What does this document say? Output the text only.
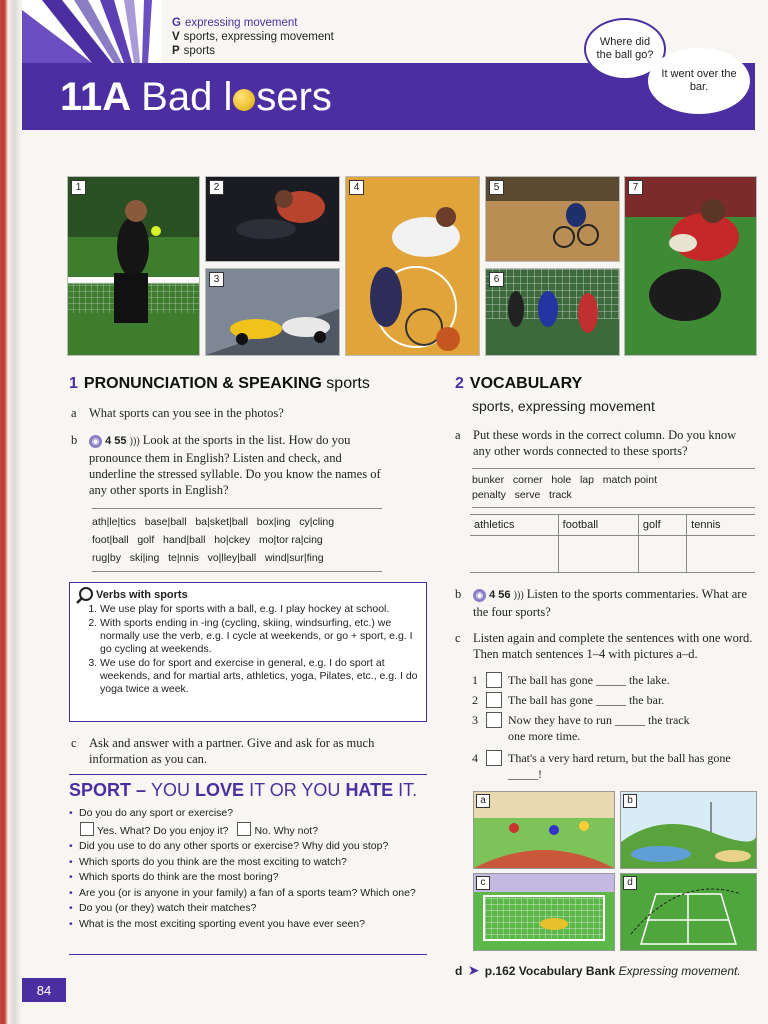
G expressing movement
V sports, expressing movement
P sports
11A Bad l sers
Where did the ball go?
It went over the bar.
1	2
3
4	5
6
7
1 PRONUNCIATION & SPEAKING sports
a What sports can you see in the photos?
b ◉ 4 55 ))) Look at the sports in the list. How do you pronounce them in English? Listen and check, and underline the stressed syllable. Do you know the names of any other sports in English?
ath|le|tics   base|ball   ba|sket|ball   box|ing   cy|cling
foot|ball   golf   hand|ball   ho|ckey   mo|tor ra|cing
rug|by   ski|ing   te|nnis   vo|lley|ball   wind|sur|fing
Verbs with sports
1. We use play for sports with a ball, e.g. I play hockey at school.
2. With sports ending in -ing (cycling, skiing, windsurfing, etc.) we normally use the verb, e.g. I cycle at weekends, or go + sport, e.g. I go cycling at weekends.
3. We use do for sport and exercise in general, e.g. I do sport at weekends, and for martial arts, athletics, yoga, Pilates, etc., e.g. I do yoga twice a week.
c Ask and answer with a partner. Give and ask for as much information as you can.
SPORT – YOU LOVE IT OR YOU HATE IT.
• Do you do any sport or exercise?
Yes. What? Do you enjoy it? No. Why not?
• Did you use to do any other sports or exercise? Why did you stop?
• Which sports do you think are the most exciting to watch?
• Which sports do think are the most boring?
• Are you (or is anyone in your family) a fan of a sports team? Which one?
• Do you (or they) watch their matches?
• What is the most exciting sporting event you have ever seen?
2 VOCABULARY
sports, expressing movement
a Put these words in the correct column. Do you know any other words connected to these sports?
bunker   corner   hole   lap   match point
penalty   serve   track
athletics	football	golf	tennis

b ◉ 4 56 ))) Listen to the sports commentaries. What are the four sports?
c Listen again and complete the sentences with one word. Then match sentences 1–4 with pictures a–d.
1	The ball has gone _____ the lake.
2	The ball has gone _____ the bar.
3	Now they have to run _____ the track one more time.
4	That's a very hard return, but the ball has gone _____!
a	b
c	d
d ➤ p.162 Vocabulary Bank Expressing movement.
84
